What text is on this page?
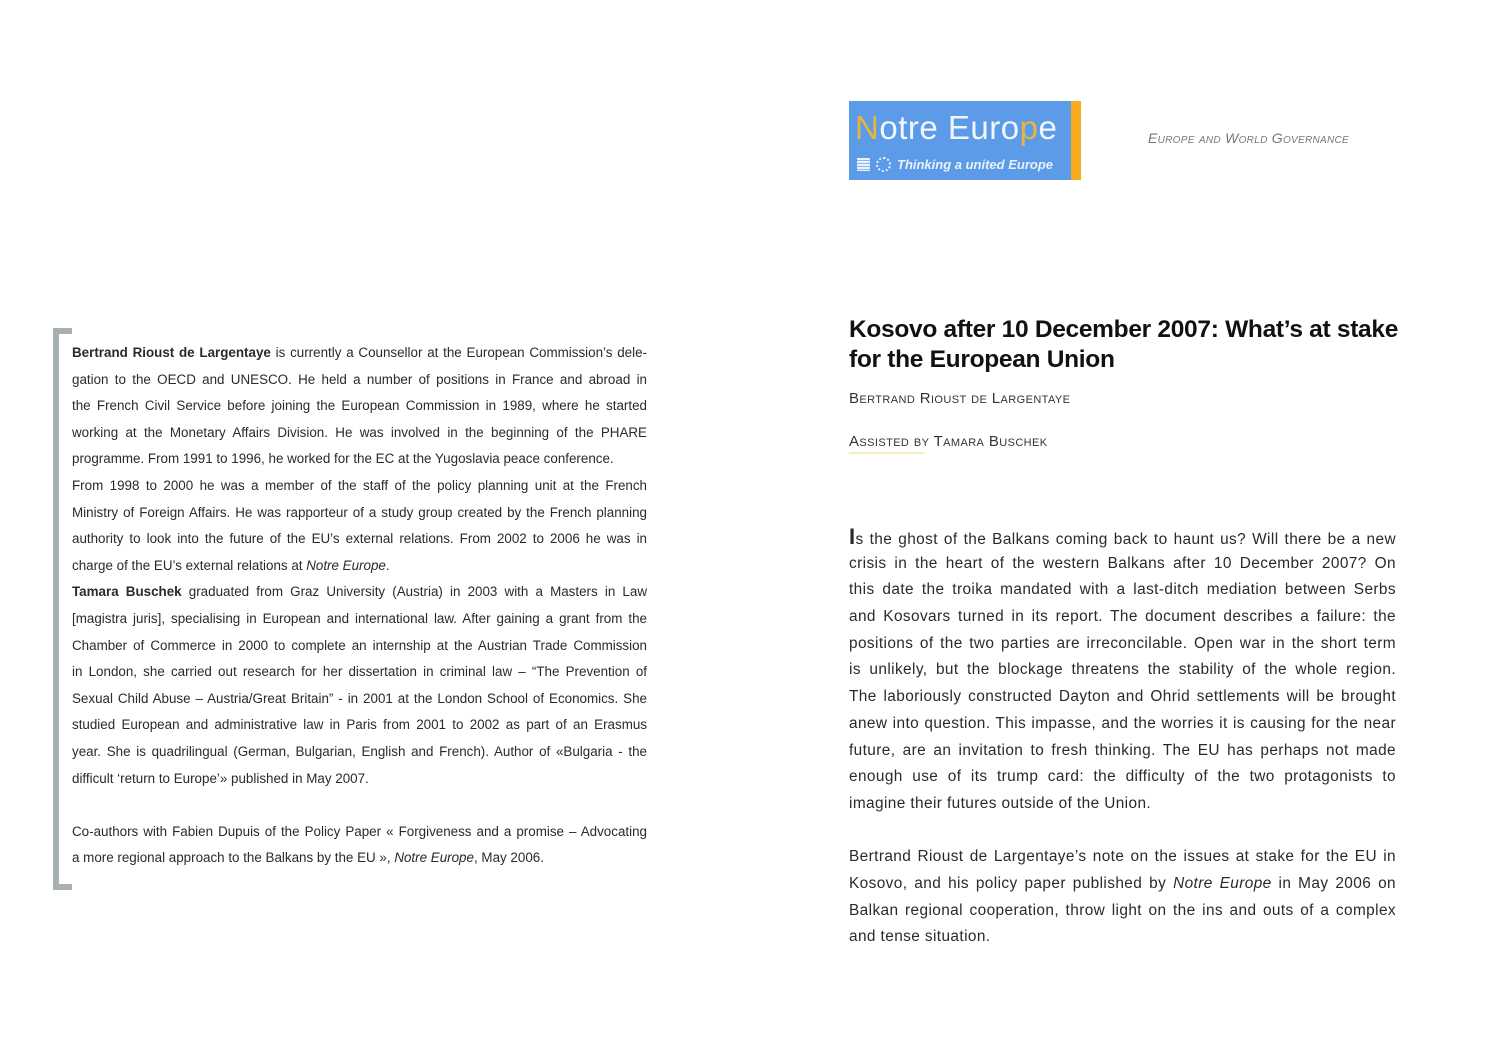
Notre Europe
Thinking a united Europe
Europe and World Governance
Bertrand Rioust de Largentaye is currently a Counsellor at the European Commission’s dele-
gation to the OECD and UNESCO. He held a number of positions in France and abroad in
the French Civil Service before joining the European Commission in 1989, where he started
working at the Monetary Affairs Division. He was involved in the beginning of the PHARE
programme. From 1991 to 1996, he worked for the EC at the Yugoslavia peace conference.
From 1998 to 2000 he was a member of the staff of the policy planning unit at the French
Ministry of Foreign Affairs. He was rapporteur of a study group created by the French planning
authority to look into the future of the EU’s external relations. From 2002 to 2006 he was in
charge of the EU’s external relations at Notre Europe.
Tamara Buschek graduated from Graz University (Austria) in 2003 with a Masters in Law
[magistra juris], specialising in European and international law. After gaining a grant from the
Chamber of Commerce in 2000 to complete an internship at the Austrian Trade Commission
in London, she carried out research for her dissertation in criminal law – “The Prevention of
Sexual Child Abuse – Austria/Great Britain” - in 2001 at the London School of Economics. She
studied European and administrative law in Paris from 2001 to 2002 as part of an Erasmus
year. She is quadrilingual (German, Bulgarian, English and French). Author of «Bulgaria - the
difficult ‘return to Europe’» published in May 2007.
Co-authors with Fabien Dupuis of the Policy Paper « Forgiveness and a promise – Advocating
a more regional approach to the Balkans by the EU », Notre Europe, May 2006.
Kosovo after 10 December 2007: What’s at stake
for the European Union
Bertrand Rioust de Largentaye
Assisted by Tamara Buschek
Is the ghost of the Balkans coming back to haunt us? Will there be a new
crisis in the heart of the western Balkans after 10 December 2007? On
this date the troika mandated with a last-ditch mediation between Serbs
and Kosovars turned in its report. The document describes a failure: the
positions of the two parties are irreconcilable. Open war in the short term
is unlikely, but the blockage threatens the stability of the whole region.
The laboriously constructed Dayton and Ohrid settlements will be brought
anew into question. This impasse, and the worries it is causing for the near
future, are an invitation to fresh thinking. The EU has perhaps not made
enough use of its trump card: the difficulty of the two protagonists to
imagine their futures outside of the Union.
Bertrand Rioust de Largentaye’s note on the issues at stake for the EU in
Kosovo, and his policy paper published by Notre Europe in May 2006 on
Balkan regional cooperation, throw light on the ins and outs of a complex
and tense situation.
